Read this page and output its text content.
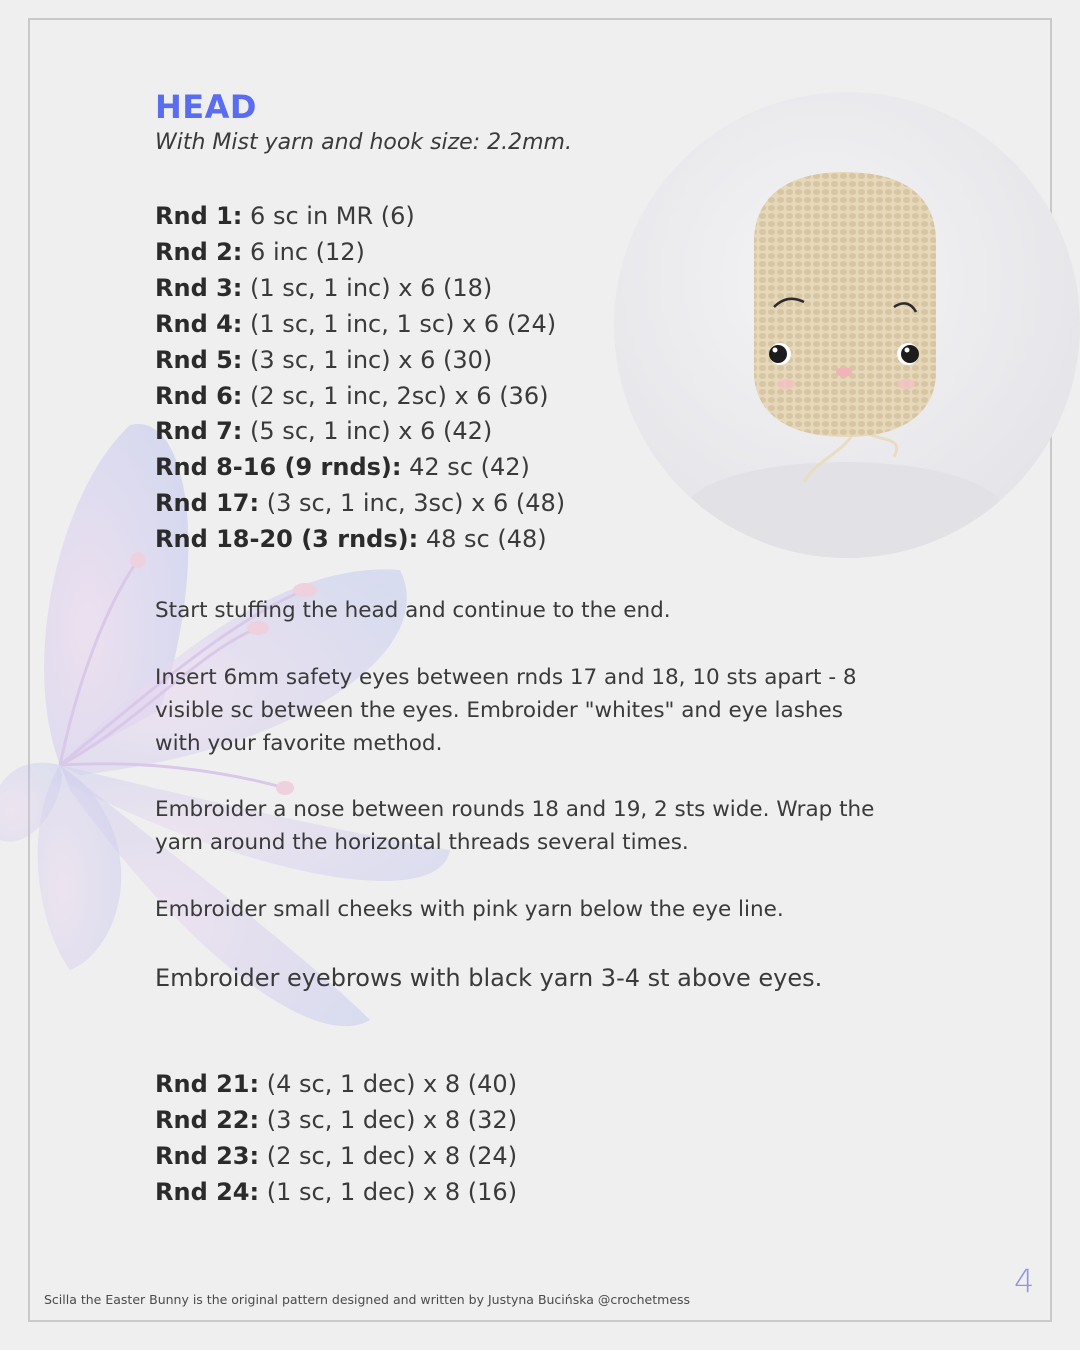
HEAD
With Mist yarn and hook size: 2.2mm.
Rnd 1: 6 sc in MR (6)
Rnd 2: 6 inc (12)
Rnd 3: (1 sc, 1 inc) x 6 (18)
Rnd 4: (1 sc, 1 inc, 1 sc) x 6 (24)
Rnd 5: (3 sc, 1 inc) x 6 (30)
Rnd 6: (2 sc, 1 inc, 2sc) x 6 (36)
Rnd 7: (5 sc, 1 inc) x 6 (42)
Rnd 8-16 (9 rnds): 42 sc (42)
Rnd 17: (3 sc, 1 inc, 3sc) x 6 (48)
Rnd 18-20 (3 rnds): 48 sc (48)

Start stuffing the head and continue to the end.

Insert 6mm safety eyes between rnds 17 and 18, 10 sts apart - 8 visible sc between the eyes. Embroider "whites" and eye lashes with your favorite method.

Embroider a nose between rounds 18 and 19, 2 sts wide. Wrap the yarn around the horizontal threads several times.

Embroider small cheeks with pink yarn below the eye line.

Embroider eyebrows with black yarn 3-4 st above eyes.

Rnd 21: (4 sc, 1 dec) x 8 (40)
Rnd 22: (3 sc, 1 dec) x 8 (32)
Rnd 23: (2 sc, 1 dec) x 8 (24)
Rnd 24: (1 sc, 1 dec) x 8 (16)
Scilla the Easter Bunny is the original pattern designed and written by Justyna Bucińska @crochetmess	4
